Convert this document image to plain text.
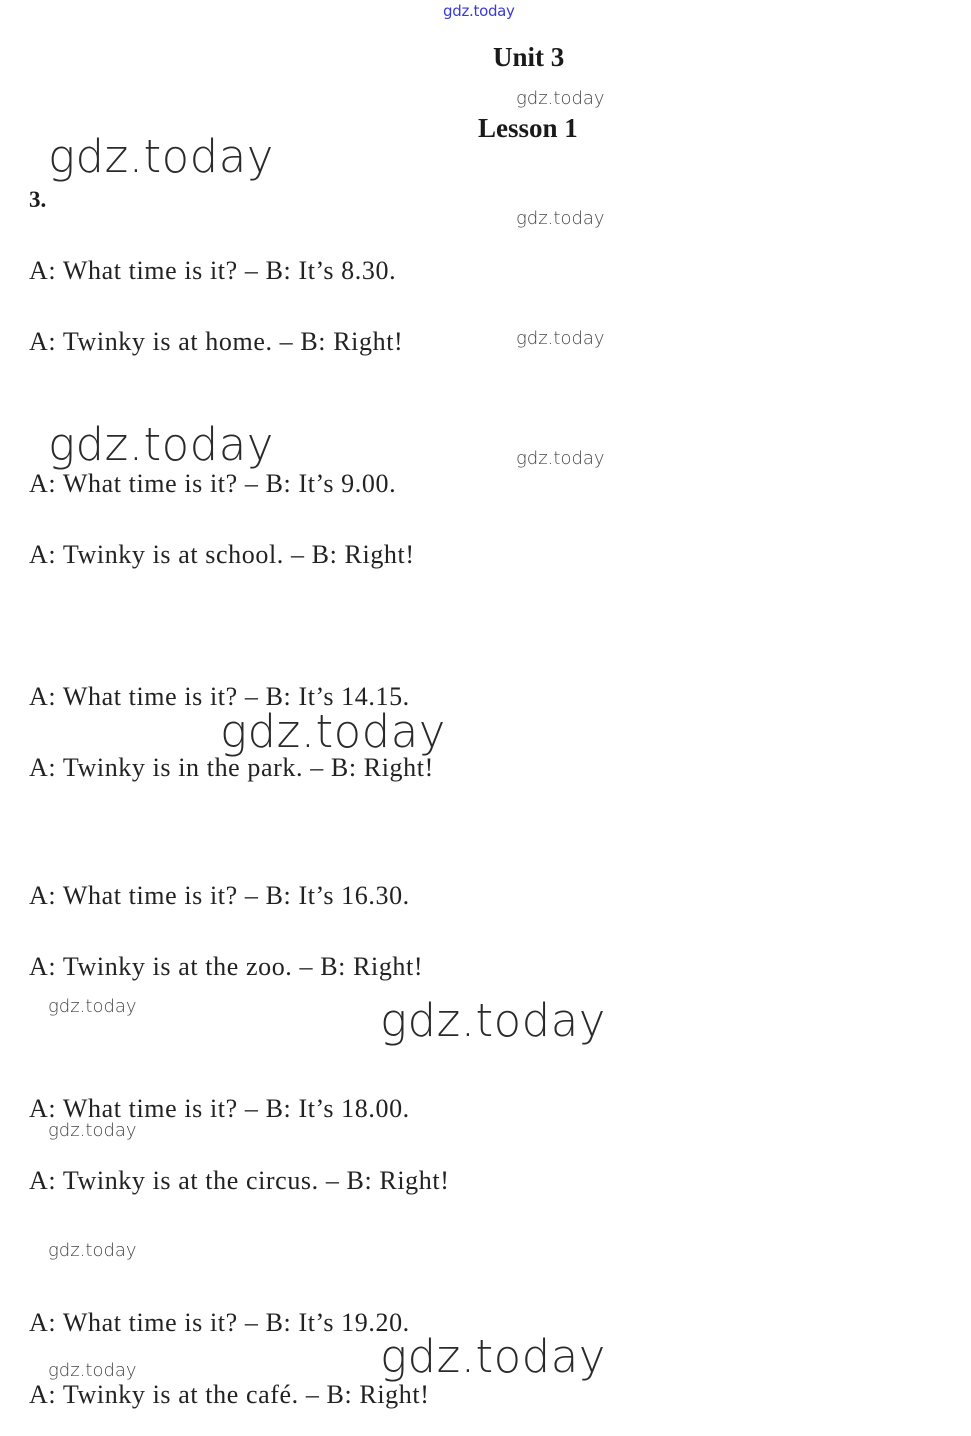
gdz.today
Unit 3
Lesson 1
3.
A: What time is it? – B: It’s 8.30.
A: Twinky is at home. – B: Right!
A: What time is it? – B: It’s 9.00.
A: Twinky is at school. – B: Right!
A: What time is it? – B: It’s 14.15.
A: Twinky is in the park. – B: Right!
A: What time is it? – B: It’s 16.30.
A: Twinky is at the zoo. – B: Right!
A: What time is it? – B: It’s 18.00.
A: Twinky is at the circus. – B: Right!
A: What time is it? – B: It’s 19.20.
A: Twinky is at the café. – B: Right!
gdz.today
gdz.today
gdz.today
gdz.today
gdz.today
gdz.today
gdz.today
gdz.today
gdz.today
gdz.today
gdz.today
gdz.today
gdz.today
